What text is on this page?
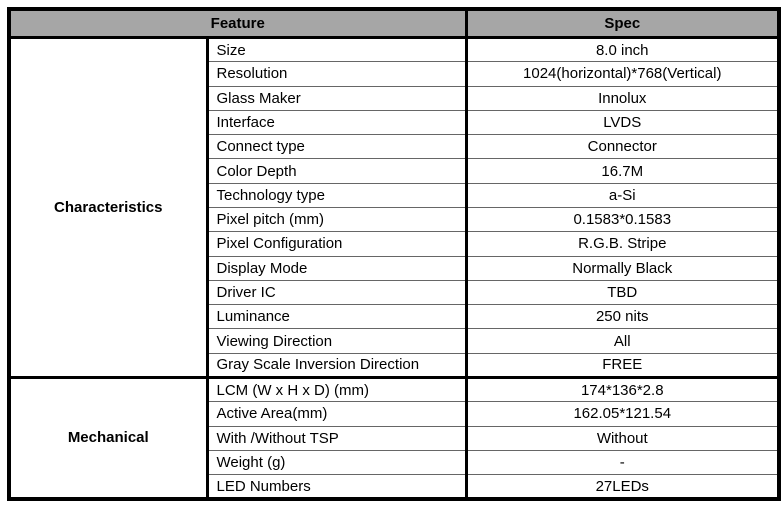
Feature		Spec
Characteristics	Size	8.0 inch
	Resolution	1024(horizontal)*768(Vertical)
	Glass Maker	Innolux
	Interface	LVDS
	Connect type	Connector
	Color Depth	16.7M
	Technology type	a-Si
	Pixel pitch (mm)	0.1583*0.1583
	Pixel Configuration	R.G.B. Stripe
	Display Mode	Normally Black
	Driver IC	TBD
	Luminance	250 nits
	Viewing Direction	All
	Gray Scale Inversion Direction	FREE
Mechanical	LCM (W x H x D) (mm)	174*136*2.8
	Active Area(mm)	162.05*121.54
	With /Without TSP	Without
	Weight (g)	-
	LED Numbers	27LEDs
